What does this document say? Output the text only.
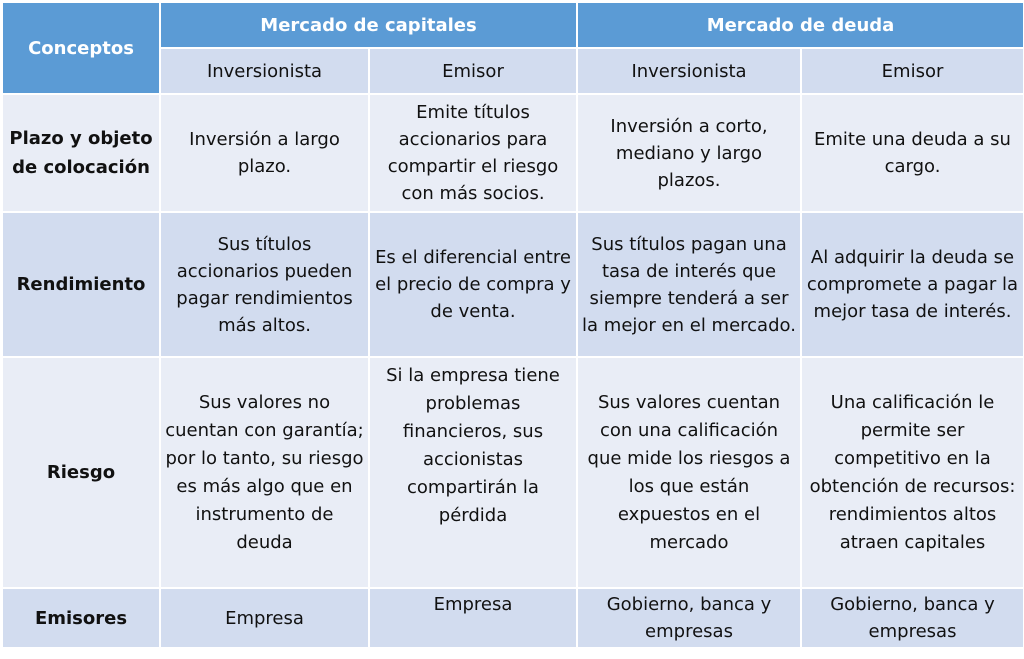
Conceptos	Mercado de capitales		Mercado de deuda	
	Inversionista	Emisor	Inversionista	Emisor
Plazo y objeto de colocación	Inversión a largo plazo.	Emite títulos accionarios para compartir el riesgo con más socios.	Inversión a corto, mediano y largo plazos.	Emite una deuda a su cargo.
Rendimiento	Sus títulos accionarios pueden pagar rendimientos más altos.	Es el diferencial entre el precio de compra y de venta.	Sus títulos pagan una tasa de interés que siempre tenderá a ser la mejor en el mercado.	Al adquirir la deuda se compromete a pagar la mejor tasa de interés.
Riesgo	Sus valores no cuentan con garantía; por lo tanto, su riesgo es más algo que en instrumento de deuda	Si la empresa tiene problemas financieros, sus accionistas compartirán la pérdida	Sus valores cuentan con una calificación que mide los riesgos a los que están expuestos en el mercado	Una calificación le permite ser competitivo en la obtención de recursos: rendimientos altos atraen capitales
Emisores	Empresa	Empresa	Gobierno, banca y empresas	Gobierno, banca y empresas
